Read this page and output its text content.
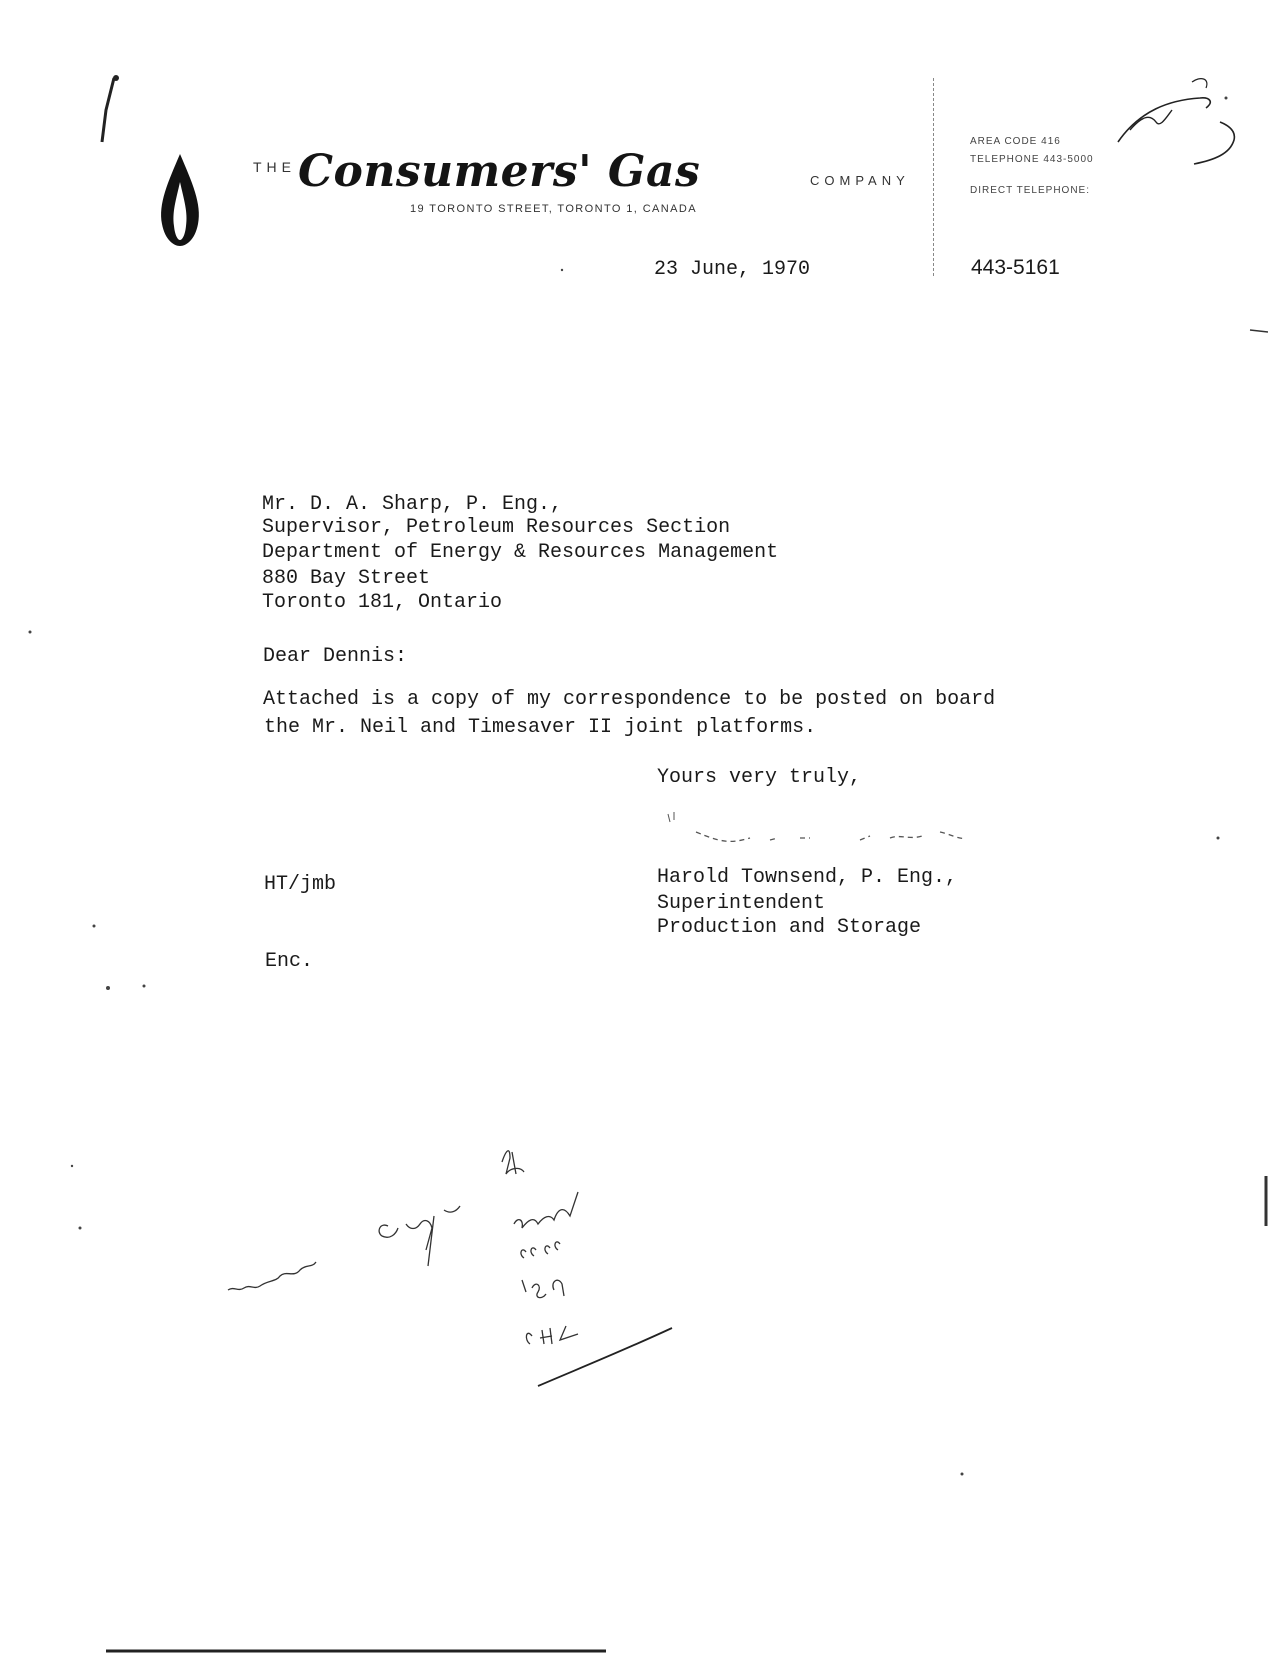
THE Consumers' Gas	COMPANY
19 TORONTO STREET, TORONTO 1, CANADA
AREA CODE 416
TELEPHONE 443-5000
DIRECT TELEPHONE:
443-5161
23 June, 1970
Mr. D. A. Sharp, P. Eng.,
Supervisor, Petroleum Resources Section
Department of Energy & Resources Management
880 Bay Street
Toronto 181, Ontario
Dear Dennis:
Attached is a copy of my correspondence to be posted on board
the Mr. Neil and Timesaver II joint platforms.
Yours very truly,
Harold Townsend, P. Eng.,
Superintendent
Production and Storage
HT/jmb
Enc.
